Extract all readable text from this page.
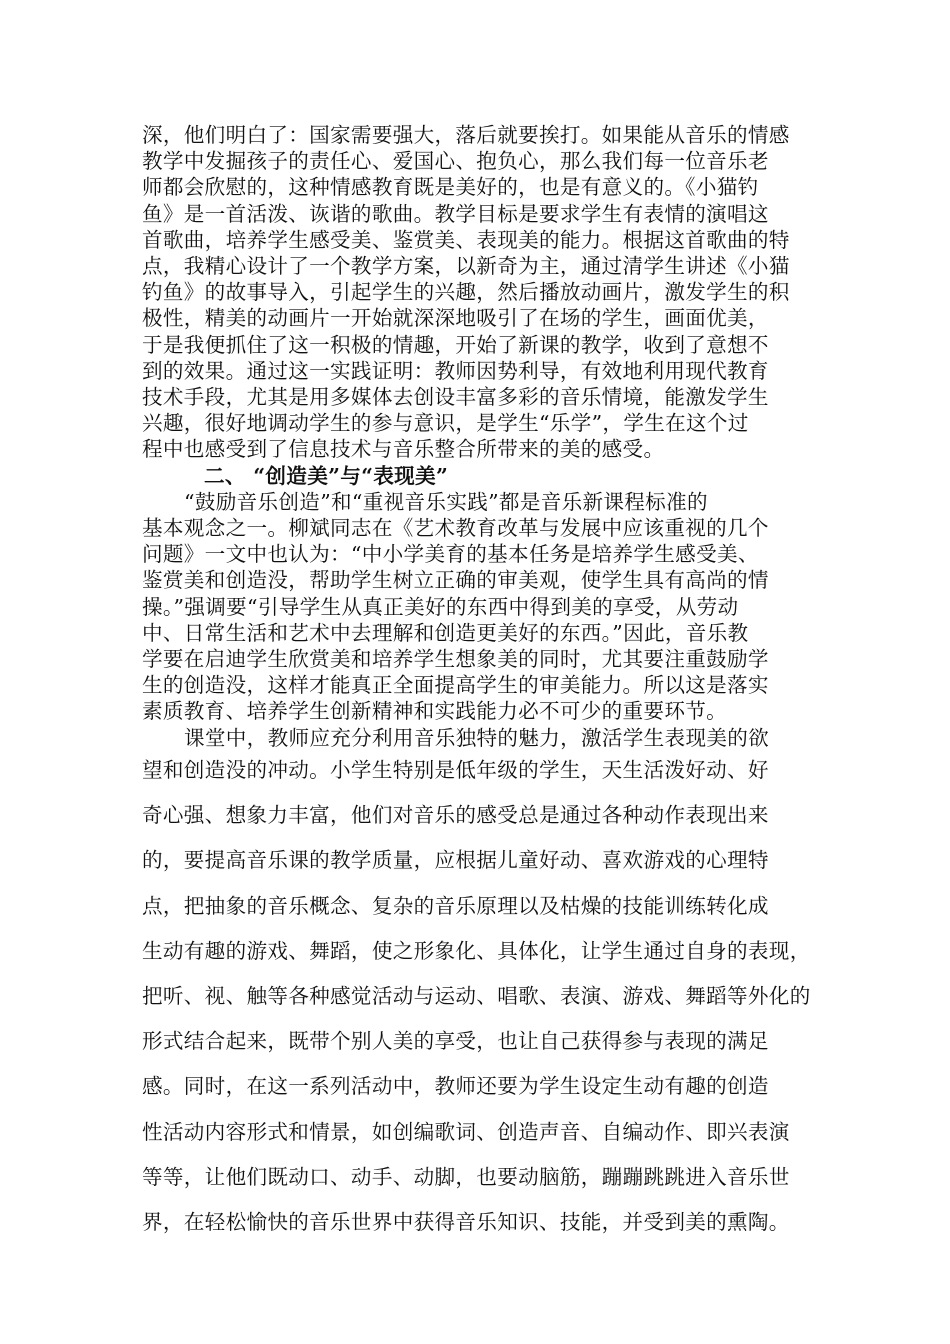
深，他们明白了：国家需要强大，落后就要挨打。如果能从音乐的情感
教学中发掘孩子的责任心、爱国心、抱负心，那么我们每一位音乐老
师都会欣慰的，这种情感教育既是美好的，也是有意义的。《小猫钓
鱼》是一首活泼、诙谐的歌曲。教学目标是要求学生有表情的演唱这
首歌曲，培养学生感受美、鉴赏美、表现美的能力。根据这首歌曲的特
点，我精心设计了一个教学方案，以新奇为主，通过清学生讲述《小猫
钓鱼》的故事导入，引起学生的兴趣，然后播放动画片，激发学生的积
极性，精美的动画片一开始就深深地吸引了在场的学生，画面优美，
于是我便抓住了这一积极的情趣，开始了新课的教学，收到了意想不
到的效果。通过这一实践证明：教师因势利导，有效地利用现代教育
技术手段，尤其是用多媒体去创设丰富多彩的音乐情境，能激发学生
兴趣，很好地调动学生的参与意识，是学生“乐学”，学生在这个过
程中也感受到了信息技术与音乐整合所带来的美的感受。
二、 “创造美”与“表现美”
“鼓励音乐创造”和“重视音乐实践”都是音乐新课程标准的
基本观念之一。柳斌同志在《艺术教育改革与发展中应该重视的几个
问题》一文中也认为：“中小学美育的基本任务是培养学生感受美、
鉴赏美和创造没，帮助学生树立正确的审美观，使学生具有高尚的情
操。”强调要“引导学生从真正美好的东西中得到美的享受，从劳动
中、日常生活和艺术中去理解和创造更美好的东西。”因此，音乐教
学要在启迪学生欣赏美和培养学生想象美的同时，尤其要注重鼓励学
生的创造没，这样才能真正全面提高学生的审美能力。所以这是落实
素质教育、培养学生创新精神和实践能力必不可少的重要环节。
课堂中，教师应充分利用音乐独特的魅力，激活学生表现美的欲
望和创造没的冲动。小学生特别是低年级的学生，天生活泼好动、好
奇心强、想象力丰富，他们对音乐的感受总是通过各种动作表现出来
的，要提高音乐课的教学质量，应根据儿童好动、喜欢游戏的心理特
点，把抽象的音乐概念、复杂的音乐原理以及枯燥的技能训练转化成
生动有趣的游戏、舞蹈，使之形象化、具体化，让学生通过自身的表现，
把听、视、触等各种感觉活动与运动、唱歌、表演、游戏、舞蹈等外化的
形式结合起来，既带个别人美的享受，也让自己获得参与表现的满足
感。同时，在这一系列活动中，教师还要为学生设定生动有趣的创造
性活动内容形式和情景，如创编歌词、创造声音、自编动作、即兴表演
等等，让他们既动口、动手、动脚，也要动脑筋，蹦蹦跳跳进入音乐世
界，在轻松愉快的音乐世界中获得音乐知识、技能，并受到美的熏陶。
